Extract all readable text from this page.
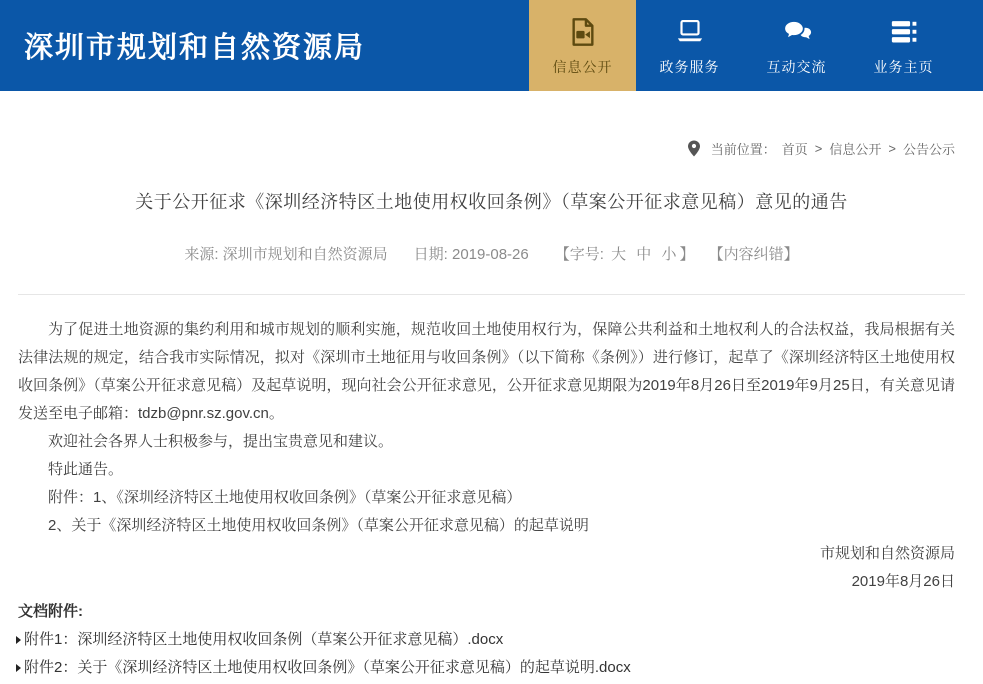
深圳市规划和自然资源局
信息公开	政务服务	互动交流	业务主页
当前位置： 首页 > 信息公开 > 公告公示
关于公开征求《深圳经济特区土地使用权收回条例》（草案公开征求意见稿）意见的通告
来源: 深圳市规划和自然资源局 日期: 2019-08-26 【字号: 大 中 小 】 【内容纠错】

为了促进土地资源的集约利用和城市规划的顺利实施，规范收回土地使用权行为，保障公共利益和土地权利人的合法权益，我局根据有关法律法规的规定，结合我市实际情况，拟对《深圳市土地征用与收回条例》（以下简称《条例》）进行修订，起草了《深圳经济特区土地使用权收回条例》（草案公开征求意见稿）及起草说明，现向社会公开征求意见，公开征求意见期限为2019年8月26日至2019年9月25日，有关意见请发送至电子邮箱：tdzb@pnr.sz.gov.cn。

欢迎社会各界人士积极参与，提出宝贵意见和建议。

特此通告。

附件：1、《深圳经济特区土地使用权收回条例》（草案公开征求意见稿）

2、关于《深圳经济特区土地使用权收回条例》（草案公开征求意见稿）的起草说明

市规划和自然资源局

2019年8月26日

文档附件:
附件1：深圳经济特区土地使用权收回条例（草案公开征求意见稿）.docx
附件2：关于《深圳经济特区土地使用权收回条例》（草案公开征求意见稿）的起草说明.docx
